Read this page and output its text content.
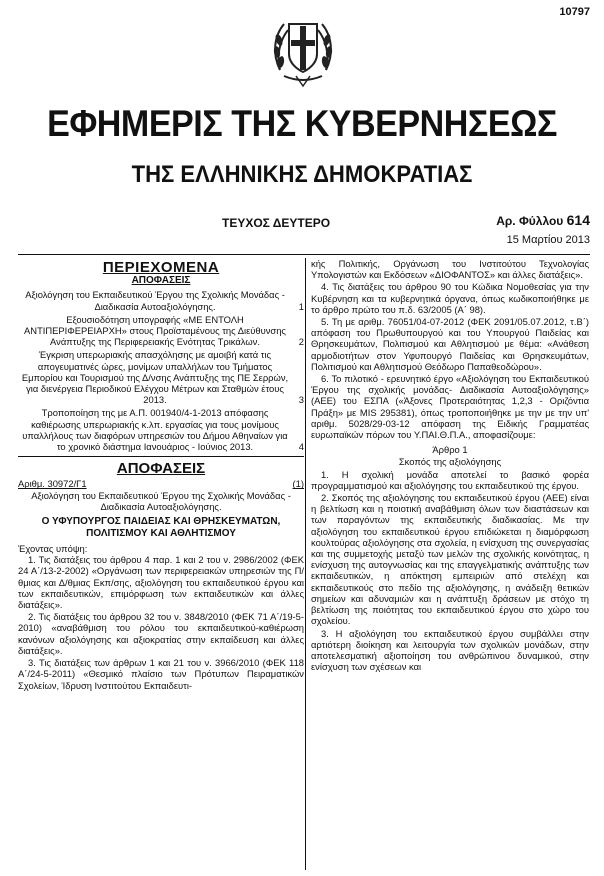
10797
ΕΦΗΜΕΡΙΣ ΤΗΣ ΚΥΒΕΡΝΗΣΕΩΣ
ΤΗΣ ΕΛΛΗΝΙΚΗΣ ΔΗΜΟΚΡΑΤΙΑΣ
ΤΕΥΧΟΣ ΔΕΥΤΕΡΟ	Αρ. Φύλλου 614
15 Μαρτίου 2013
ΠΕΡΙΕΧΟΜΕΝΑ
ΑΠΟΦΑΣΕΙΣ
Αξιολόγηση του Εκπαιδευτικού Έργου της Σχολικής Μονάδας - Διαδικασία Αυτοαξιολόγησης.	1
Εξουσιοδότηση υπογραφής «ΜΕ ΕΝΤΟΛΗ ΑΝΤΙΠΕΡΙΦΕΡΕΙΑΡΧΗ» στους Προϊσταμένους της Διεύθυνσης Ανάπτυξης της Περιφερειακής Ενότητας Τρικάλων.	2
Έγκριση υπερωριακής απασχόλησης με αμοιβή κατά τις απογευματινές ώρες, μονίμων υπαλλήλων του Τμήματος Εμπορίου και Τουρισμού της Δ/νσης Ανάπτυξης της ΠΕ Σερρών, για διενέργεια Περιοδικού Ελέγχου Μέτρων και Σταθμών έτους 2013.	3
Τροποποίηση της με Α.Π. 001940/4-1-2013 απόφασης καθιέρωσης υπερωριακής κ.λπ. εργασίας για τους μονίμους υπαλλήλους των διαφόρων υπηρεσιών του Δήμου Αθηναίων για το χρονικό διάστημα Ιανουάριος - Ιούνιος 2013.	4
ΑΠΟΦΑΣΕΙΣ
Αριθμ. 30972/Γ1	(1)
Αξιολόγηση του Εκπαιδευτικού Έργου της Σχολικής Μονάδας - Διαδικασία Αυτοαξιολόγησης.
Ο ΥΦΥΠΟΥΡΓΟΣ ΠΑΙΔΕΙΑΣ ΚΑΙ ΘΡΗΣΚΕΥΜΑΤΩΝ, ΠΟΛΙΤΙΣΜΟΥ ΚΑΙ ΑΘΛΗΤΙΣΜΟΥ
Έχοντας υπόψη:
1. Τις διατάξεις του άρθρου 4 παρ. 1 και 2 του ν. 2986/2002 (ΦΕΚ 24 Α΄/13-2-2002) «Οργάνωση των περιφερειακών υπηρεσιών της Π/θμιας και Δ/θμιας Εκπ/σης, αξιολόγηση του εκπαιδευτικού έργου και των εκπαιδευτικών, επιμόρφωση των εκπαιδευτικών και άλλες διατάξεις».
2. Τις διατάξεις του άρθρου 32 του ν. 3848/2010 (ΦΕΚ 71 Α΄/19-5-2010) «αναβάθμιση του ρόλου του εκπαιδευτικού-καθιέρωση κανόνων αξιολόγησης και αξιοκρατίας στην εκπαίδευση και άλλες διατάξεις».
3. Τις διατάξεις των άρθρων 1 και 21 του ν. 3966/2010 (ΦΕΚ 118 Α΄/24-5-2011) «Θεσμικό πλαίσιο των Πρότυπων Πειραματικών Σχολείων, Ίδρυση Ινστιτούτου Εκπαιδευτι-
κής Πολιτικής, Οργάνωση του Ινστιτούτου Τεχνολογίας Υπολογιστών και Εκδόσεων «ΔΙΟΦΑΝΤΟΣ» και άλλες διατάξεις».
4. Τις διατάξεις του άρθρου 90 του Κώδικα Νομοθεσίας για την Κυβέρνηση και τα κυβερνητικά όργανα, όπως κωδικοποιήθηκε με το άρθρο πρώτο του π.δ. 63/2005 (Α΄ 98).
5. Τη με αριθμ. 76051/04-07-2012 (ΦΕΚ 2091/05.07.2012, τ.Β΄) απόφαση του Πρωθυπουργού και του Υπουργού Παιδείας και Θρησκευμάτων, Πολιτισμού και Αθλητισμού με θέμα: «Ανάθεση αρμοδιοτήτων στον Υφυπουργό Παιδείας και Θρησκευμάτων, Πολιτισμού και Αθλητισμού Θεόδωρο Παπαθεοδώρου».
6. Το πιλοτικό - ερευνητικό έργο «Αξιολόγηση του Εκπαιδευτικού Έργου της σχολικής μονάδας- Διαδικασία Αυτοαξιολόγησης» (ΑΕΕ) του ΕΣΠΑ («Άξονες Προτεραιότητας 1,2,3 - Οριζόντια Πράξη» με MIS 295381), όπως τροποποιήθηκε με την με την υπ' αριθμ. 5028/29-03-12 απόφαση της Ειδικής Γραμματέας ευρωπαϊκών πόρων του Υ.ΠΑΙ.Θ.Π.Α., αποφασίζουμε:
Άρθρο 1
Σκοπός της αξιολόγησης
1. Η σχολική μονάδα αποτελεί το βασικό φορέα προγραμματισμού και αξιολόγησης του εκπαιδευτικού της έργου.
2. Σκοπός της αξιολόγησης του εκπαιδευτικού έργου (ΑΕΕ) είναι η βελτίωση και η ποιοτική αναβάθμιση όλων των διαστάσεων και των παραγόντων της εκπαιδευτικής διαδικασίας. Με την αξιολόγηση του εκπαιδευτικού έργου επιδιώκεται η διαμόρφωση κουλτούρας αξιολόγησης στα σχολεία, η ενίσχυση της συνεργασίας και της συμμετοχής μεταξύ των μελών της σχολικής κοινότητας, η ενίσχυση της αυτογνωσίας και της επαγγελματικής ανάπτυξης των εκπαιδευτικών, η απόκτηση εμπειριών από στελέχη και εκπαιδευτικούς στο πεδίο της αξιολόγησης, η ανάδειξη θετικών σημείων και αδυναμιών και η ανάπτυξη δράσεων με στόχο τη βελτίωση της ποιότητας του εκπαιδευτικού έργου στο χώρο του σχολείου.
3. Η αξιολόγηση του εκπαιδευτικού έργου συμβάλλει στην αρτιότερη διοίκηση και λειτουργία των σχολικών μονάδων, στην αποτελεσματική αξιοποίηση του ανθρώπινου δυναμικού, στην ενίσχυση των σχέσεων και
